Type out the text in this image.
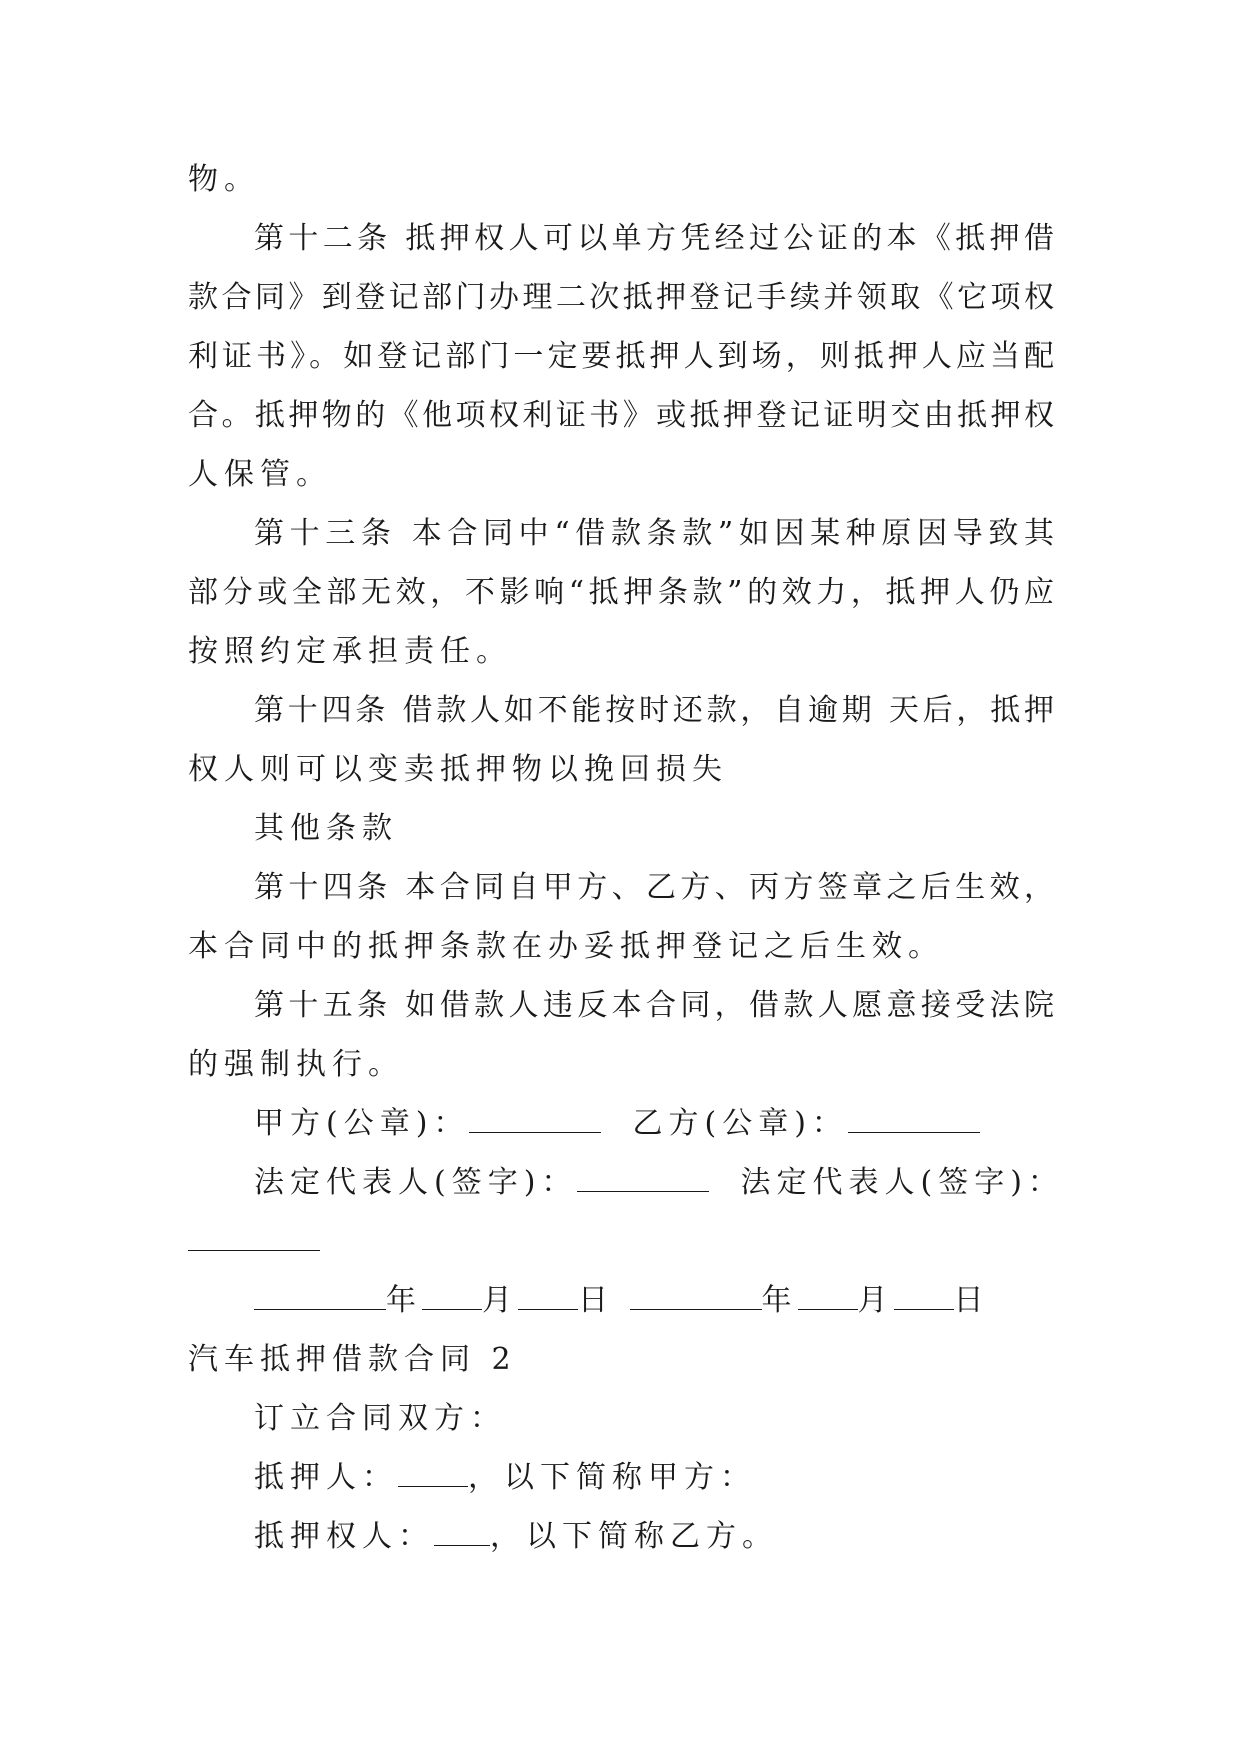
物。
第十二条 抵押权人可以单方凭经过公证的本《抵押借
款合同》到登记部门办理二次抵押登记手续并领取《它项权
利证书》。如登记部门一定要抵押人到场，则抵押人应当配
合。抵押物的《他项权利证书》或抵押登记证明交由抵押权
人保管。
第十三条 本合同中“借款条款”如因某种原因导致其
部分或全部无效，不影响“抵押条款”的效力，抵押人仍应
按照约定承担责任。
第十四条 借款人如不能按时还款，自逾期 天后，抵押
权人则可以变卖抵押物以挽回损失
其他条款
第十四条 本合同自甲方、乙方、丙方签章之后生效，
本合同中的抵押条款在办妥抵押登记之后生效。
第十五条 如借款人违反本合同，借款人愿意接受法院
的强制执行。
甲方(公章)：	乙方(公章)：
法定代表人(签字)：	法定代表人(签字)：
年 月 日	年 月 日
汽车抵押借款合同 2
订立合同双方：
抵押人： ，以下简称甲方：
抵押权人： ，以下简称乙方。
